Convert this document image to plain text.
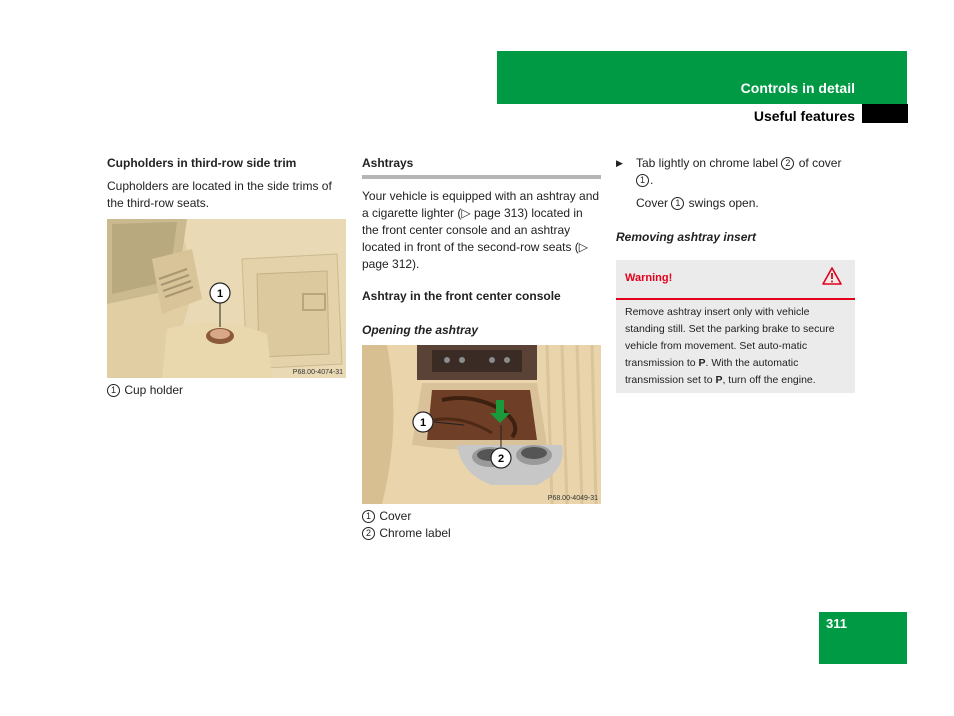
Controls in detail
Useful features

Cupholders in third-row side trim

Cupholders are located in the side trims of the third-row seats.

1
P68.00-4074-31
1 Cup holder

Ashtrays

Your vehicle is equipped with an ashtray and a cigarette lighter (▷ page 313) located in the front center console and an ashtray located in front of the second-row seats (▷ page 312).

Ashtray in the front center console

Opening the ashtray

1
2
P68.00-4049-31

1 Cover

2 Chrome label

▶ Tab lightly on chrome label 2 of cover 1 .

Cover 1 swings open.

Removing ashtray insert

Warning!
Remove ashtray insert only with vehicle standing still. Set the parking brake to secure vehicle from movement. Set auto-matic transmission to P. With the automatic transmission set to P, turn off the engine.
311
